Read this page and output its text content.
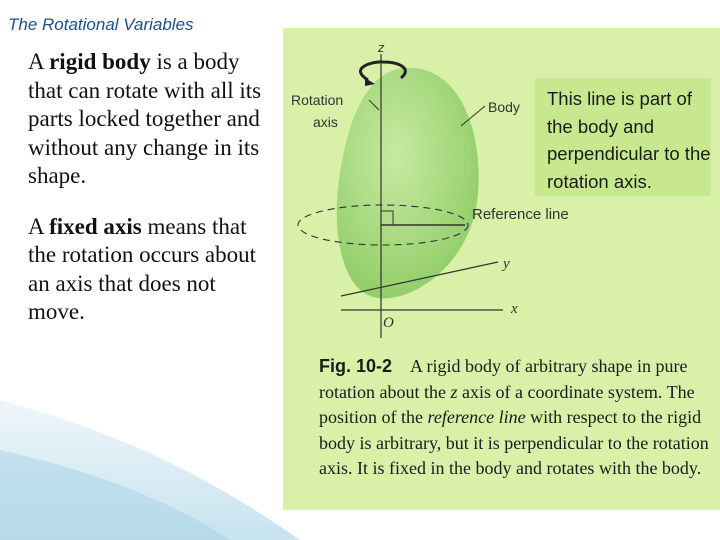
The Rotational Variables

A rigid body is a body that can rotate with all its parts locked together and without any change in its shape.

A fixed axis means that the rotation occurs about an axis that does not move.

z
y
x
O
Rotation
axis
Body
Reference line
This line is part of the body and perpendicular to the rotation axis.
Fig. 10-2 A rigid body of arbitrary shape in pure rotation about the z axis of a coordinate system. The position of the reference line with respect to the rigid body is arbitrary, but it is perpendicular to the rotation axis. It is fixed in the body and rotates with the body.
